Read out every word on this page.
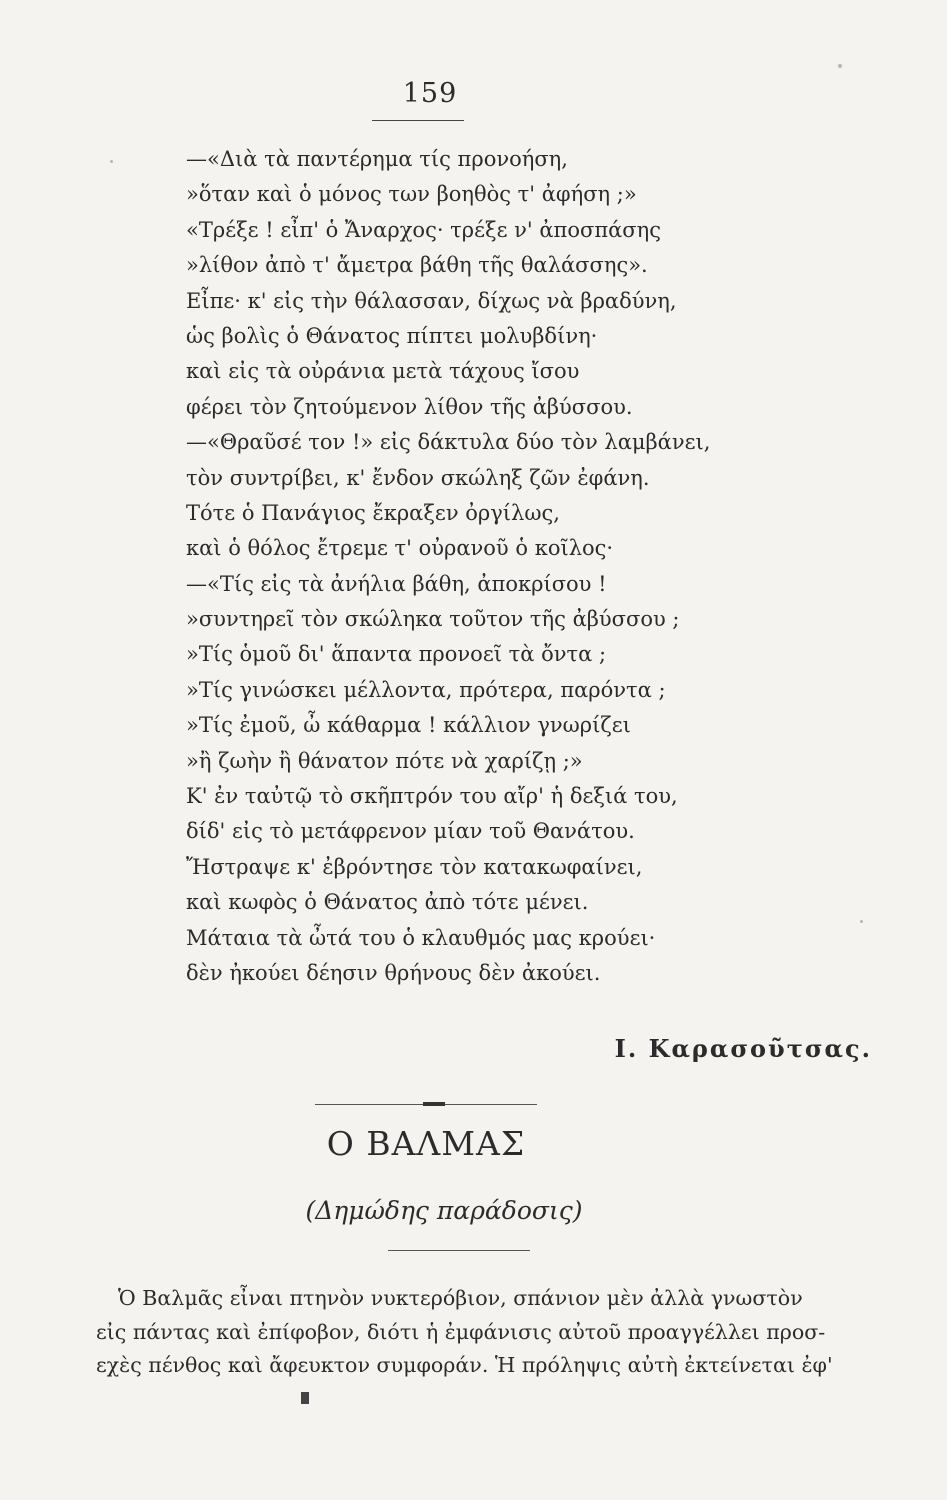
159
—«Διὰ τὰ παντέρημα τίς προνοήση,
»ὅταν καὶ ὁ μόνος των βοηθὸς τ' ἀφήση ;»
«Τρέξε ! εἶπ' ὁ Ἄναρχος· τρέξε ν' ἀποσπάσης
»λίθον ἀπὸ τ' ἄμετρα βάθη τῆς θαλάσσης».
Εἶπε· κ' εἰς τὴν θάλασσαν, δίχως νὰ βραδύνη,
ὡς βολὶς ὁ Θάνατος πίπτει μολυβδίνη·
καὶ εἰς τὰ οὐράνια μετὰ τάχους ἴσου
φέρει τὸν ζητούμενον λίθον τῆς ἀβύσσου.
—«Θραῦσέ τον !» εἰς δάκτυλα δύο τὸν λαμβάνει,
τὸν συντρίβει, κ' ἔνδον σκώληξ ζῶν ἐφάνη.
Τότε ὁ Πανάγιος ἔκραξεν ὀργίλως,
καὶ ὁ θόλος ἔτρεμε τ' οὐρανοῦ ὁ κοῖλος·
—«Τίς εἰς τὰ ἀνήλια βάθη, ἀποκρίσου !
»συντηρεῖ τὸν σκώληκα τοῦτον τῆς ἀβύσσου ;
»Τίς ὁμοῦ δι' ἅπαντα προνοεῖ τὰ ὄντα ;
»Τίς γινώσκει μέλλοντα, πρότερα, παρόντα ;
»Τίς ἐμοῦ, ὦ κάθαρμα ! κάλλιον γνωρίζει
»ἢ ζωὴν ἢ θάνατον πότε νὰ χαρίζῃ ;»
Κ' ἐν ταὐτῷ τὸ σκῆπτρόν του αἴρ' ἡ δεξιά του,
δίδ' εἰς τὸ μετάφρενον μίαν τοῦ Θανάτου.
Ἤστραψε κ' ἐβρόντησε τὸν κατακωφαίνει,
καὶ κωφὸς ὁ Θάνατος ἀπὸ τότε μένει.
Μάταια τὰ ὦτά του ὁ κλαυθμός μας κρούει·
δὲν ἠκούει δέησιν θρήνους δὲν ἀκούει.
Ι. Καρασοῦτσας.
Ο ΒΑΛΜΑΣ
(Δημώδης παράδοσις)
Ὁ Βαλμᾶς εἶναι πτηνὸν νυκτερόβιον, σπάνιον μὲν ἀλλὰ γνωστὸν
εἰς πάντας καὶ ἐπίφοβον, διότι ἡ ἐμφάνισις αὐτοῦ προαγγέλλει προσ-
εχὲς πένθος καὶ ἄφευκτον συμφοράν. Ἡ πρόληψις αὐτὴ ἐκτείνεται ἐφ'
